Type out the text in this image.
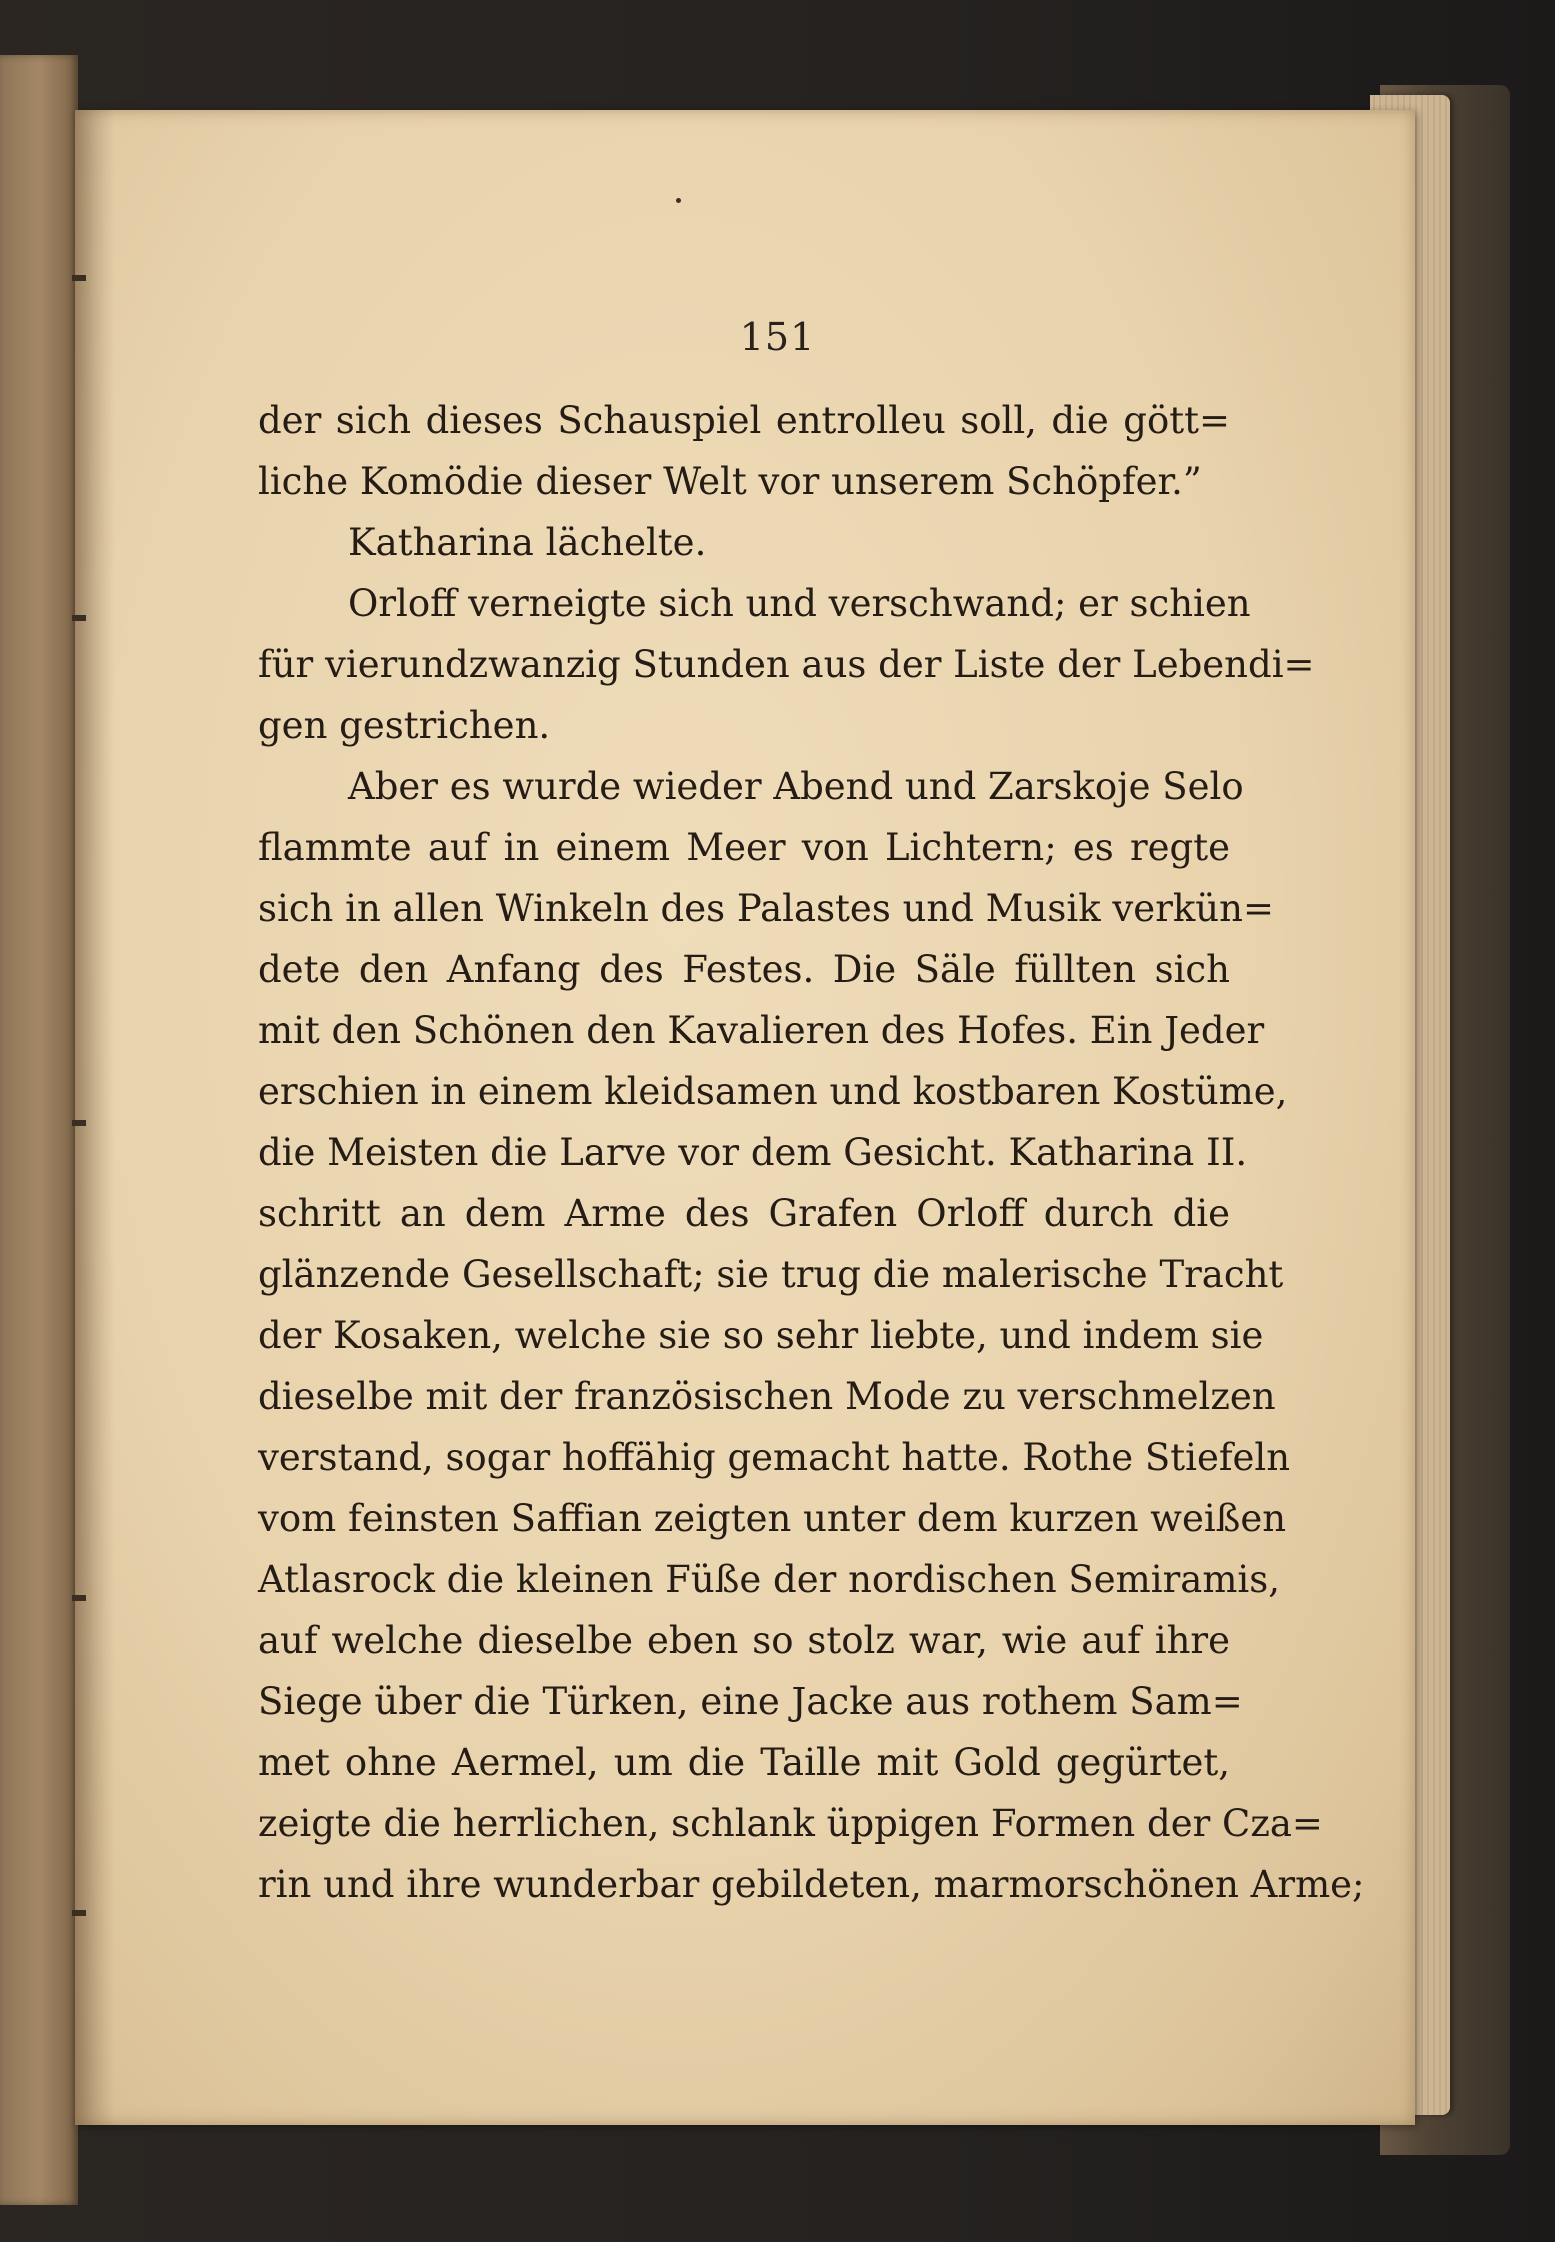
151
der sich dieses Schauspiel entrolleu soll, die gött=
liche Komödie dieser Welt vor unserem Schöpfer.”
Katharina lächelte.
Orloff verneigte sich und verschwand; er schien
für vierundzwanzig Stunden aus der Liste der Lebendi=
gen gestrichen.
Aber es wurde wieder Abend und Zarskoje Selo
flammte auf in einem Meer von Lichtern; es regte
sich in allen Winkeln des Palastes und Musik verkün=
dete den Anfang des Festes. Die Säle füllten sich
mit den Schönen den Kavalieren des Hofes. Ein Jeder
erschien in einem kleidsamen und kostbaren Kostüme,
die Meisten die Larve vor dem Gesicht. Katharina II.
schritt an dem Arme des Grafen Orloff durch die
glänzende Gesellschaft; sie trug die malerische Tracht
der Kosaken, welche sie so sehr liebte, und indem sie
dieselbe mit der französischen Mode zu verschmelzen
verstand, sogar hoffähig gemacht hatte. Rothe Stiefeln
vom feinsten Saffian zeigten unter dem kurzen weißen
Atlasrock die kleinen Füße der nordischen Semiramis,
auf welche dieselbe eben so stolz war, wie auf ihre
Siege über die Türken, eine Jacke aus rothem Sam=
met ohne Aermel, um die Taille mit Gold gegürtet,
zeigte die herrlichen, schlank üppigen Formen der Cza=
rin und ihre wunderbar gebildeten, marmorschönen Arme;
